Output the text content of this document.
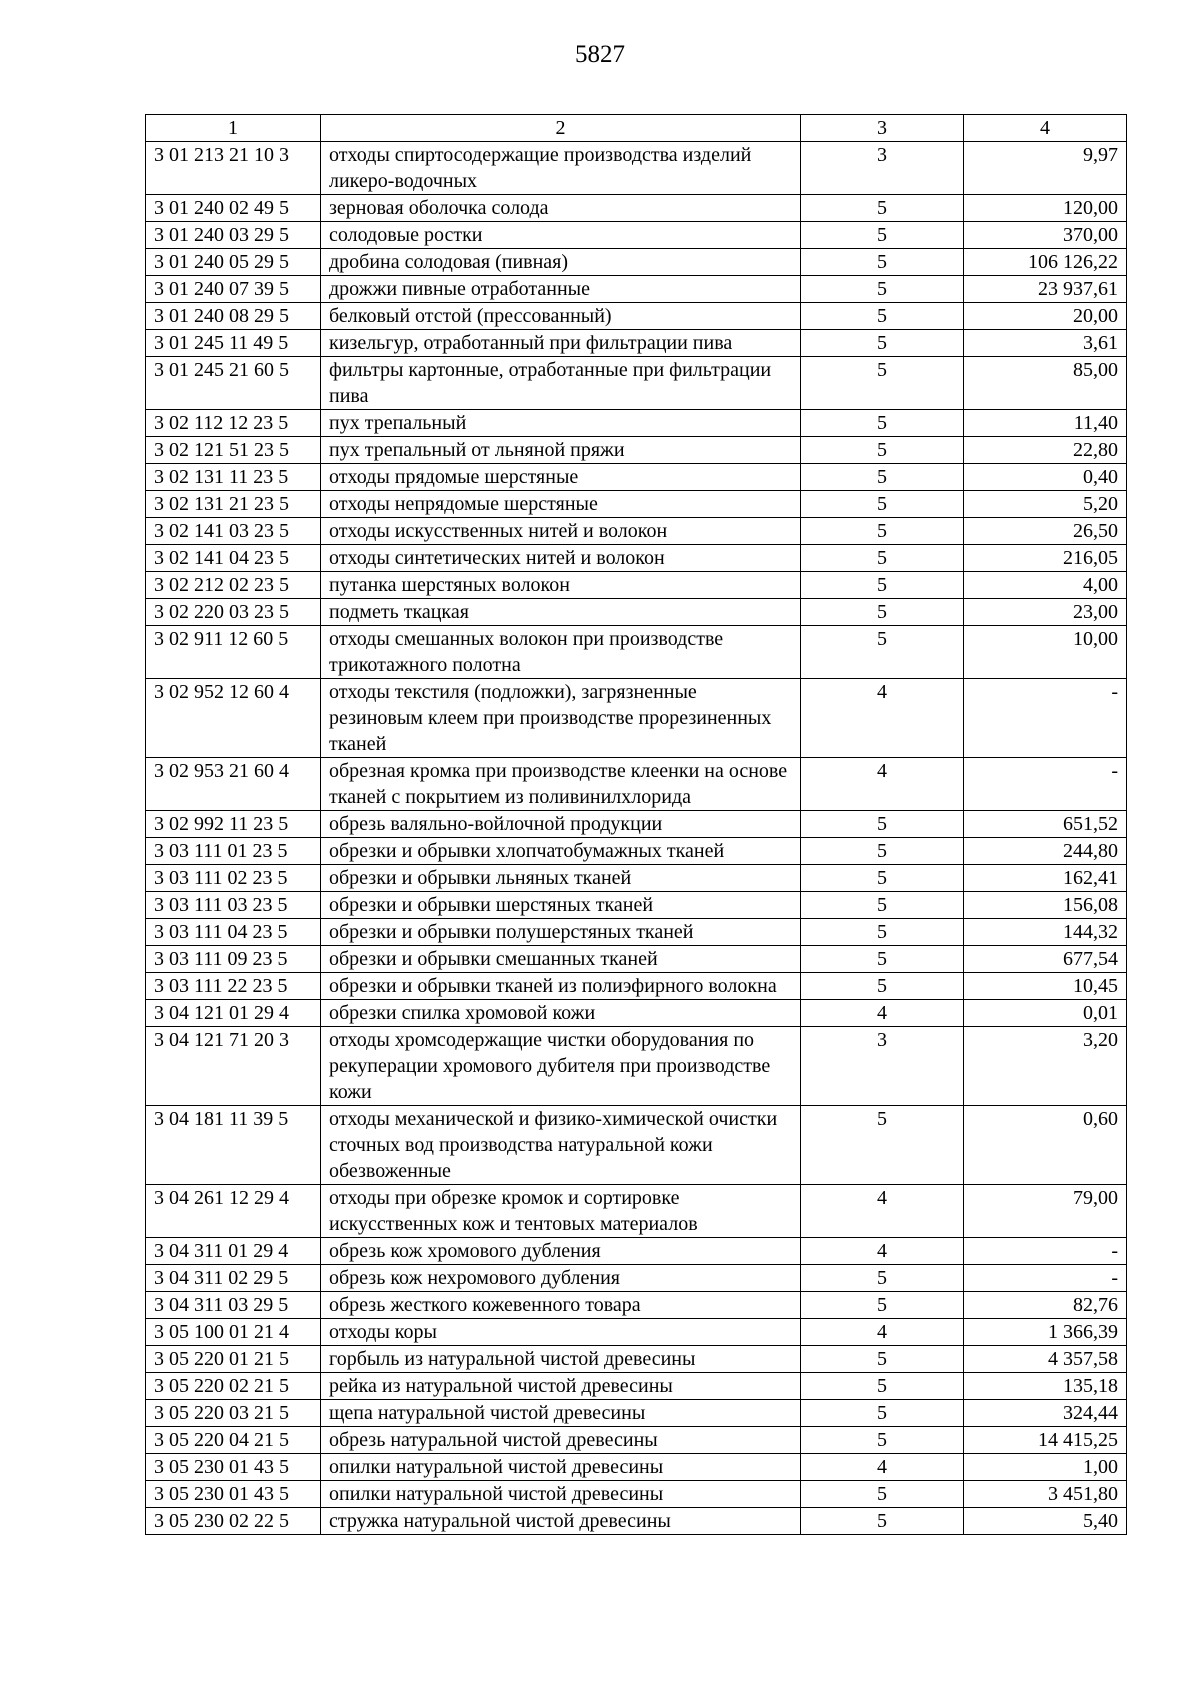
5827
1	2	3	4
3 01 213 21 10 3	отходы спиртосодержащие производства изделий ликеро-водочных	3	9,97
3 01 240 02 49 5	зерновая оболочка солода	5	120,00
3 01 240 03 29 5	солодовые ростки	5	370,00
3 01 240 05 29 5	дробина солодовая (пивная)	5	106 126,22
3 01 240 07 39 5	дрожжи пивные отработанные	5	23 937,61
3 01 240 08 29 5	белковый отстой (прессованный)	5	20,00
3 01 245 11 49 5	кизельгур, отработанный при фильтрации пива	5	3,61
3 01 245 21 60 5	фильтры картонные, отработанные при фильтрации пива	5	85,00
3 02 112 12 23 5	пух трепальный	5	11,40
3 02 121 51 23 5	пух трепальный от льняной пряжи	5	22,80
3 02 131 11 23 5	отходы прядомые шерстяные	5	0,40
3 02 131 21 23 5	отходы непрядомые шерстяные	5	5,20
3 02 141 03 23 5	отходы искусственных нитей и волокон	5	26,50
3 02 141 04 23 5	отходы синтетических нитей и волокон	5	216,05
3 02 212 02 23 5	путанка шерстяных волокон	5	4,00
3 02 220 03 23 5	подметь ткацкая	5	23,00
3 02 911 12 60 5	отходы смешанных волокон при производстве трикотажного полотна	5	10,00
3 02 952 12 60 4	отходы текстиля (подложки), загрязненные резиновым клеем при производстве прорезиненных тканей	4	-
3 02 953 21 60 4	обрезная кромка при производстве клеенки на основе тканей с покрытием из поливинилхлорида	4	-
3 02 992 11 23 5	обрезь валяльно-войлочной продукции	5	651,52
3 03 111 01 23 5	обрезки и обрывки хлопчатобумажных тканей	5	244,80
3 03 111 02 23 5	обрезки и обрывки льняных тканей	5	162,41
3 03 111 03 23 5	обрезки и обрывки шерстяных тканей	5	156,08
3 03 111 04 23 5	обрезки и обрывки полушерстяных тканей	5	144,32
3 03 111 09 23 5	обрезки и обрывки смешанных тканей	5	677,54
3 03 111 22 23 5	обрезки и обрывки тканей из полиэфирного волокна	5	10,45
3 04 121 01 29 4	обрезки спилка хромовой кожи	4	0,01
3 04 121 71 20 3	отходы хромсодержащие чистки оборудования по рекуперации хромового дубителя при производстве кожи	3	3,20
3 04 181 11 39 5	отходы механической и физико-химической очистки сточных вод производства натуральной кожи обезвоженные	5	0,60
3 04 261 12 29 4	отходы при обрезке кромок и сортировке искусственных кож и тентовых материалов	4	79,00
3 04 311 01 29 4	обрезь кож хромового дубления	4	-
3 04 311 02 29 5	обрезь кож нехромового дубления	5	-
3 04 311 03 29 5	обрезь жесткого кожевенного товара	5	82,76
3 05 100 01 21 4	отходы коры	4	1 366,39
3 05 220 01 21 5	горбыль из натуральной чистой древесины	5	4 357,58
3 05 220 02 21 5	рейка из натуральной чистой древесины	5	135,18
3 05 220 03 21 5	щепа натуральной чистой древесины	5	324,44
3 05 220 04 21 5	обрезь натуральной чистой древесины	5	14 415,25
3 05 230 01 43 5	опилки натуральной чистой древесины	4	1,00
3 05 230 01 43 5	опилки натуральной чистой древесины	5	3 451,80
3 05 230 02 22 5	стружка натуральной чистой древесины	5	5,40
